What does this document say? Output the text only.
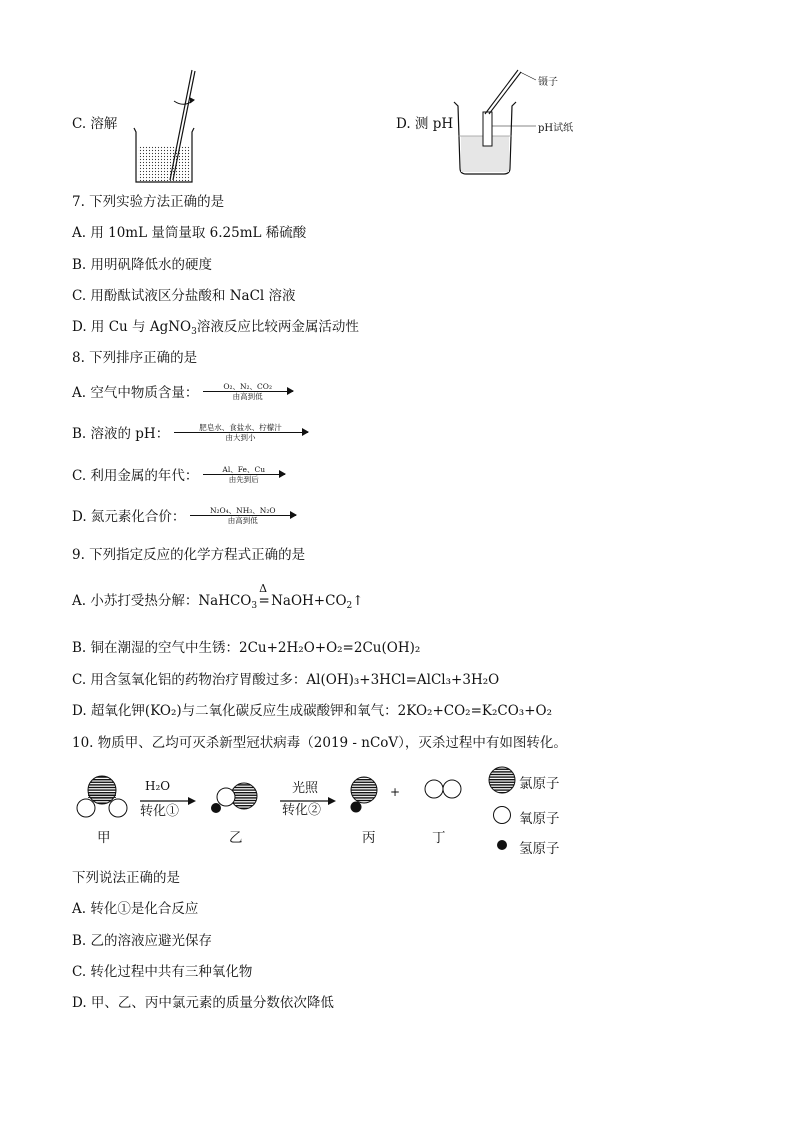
C. 溶解	D. 测 pH
镊子
pH试纸
7. 下列实验方法正确的是
A. 用 10mL 量筒量取 6.25mL 稀硫酸
B. 用明矾降低水的硬度
C. 用酚酞试液区分盐酸和 NaCl 溶液
D. 用 Cu 与 AgNO$_3$溶液反应比较两金属活动性
8. 下列排序正确的是
A. 空气中物质含量：	O₂、N₂、CO₂
由高到低
B. 溶液的 pH：	肥皂水、食盐水、柠檬汁
由大到小
C. 利用金属的年代：	Al、Fe、Cu
由先到后
D. 氮元素化合价：	N₂O₄、NH₃、N₂O
由高到低
9. 下列指定反应的化学方程式正确的是
A. 小苏打受热分解：NaHCO$_3$
Δ
$=NaOH+CO_2↑$
B. 铜在潮湿的空气中生锈：2Cu+2H₂O+O₂=2Cu(OH)₂
C. 用含氢氧化铝的药物治疗胃酸过多：Al(OH)₃+3HCl=AlCl₃+3H₂O
D. 超氧化钾(KO₂)与二氧化碳反应生成碳酸钾和氧气：2KO₂+CO₂=K₂CO₃+O₂
10. 物质甲、乙均可灭杀新型冠状病毒（2019 - nCoV），灭杀过程中有如图转化。
H₂O
转化①
光照
转化②
+
甲	乙	丙	丁
氯原子
氧原子
氢原子
下列说法正确的是
A. 转化①是化合反应
B. 乙的溶液应避光保存
C. 转化过程中共有三种氧化物
D. 甲、乙、丙中氯元素的质量分数依次降低
